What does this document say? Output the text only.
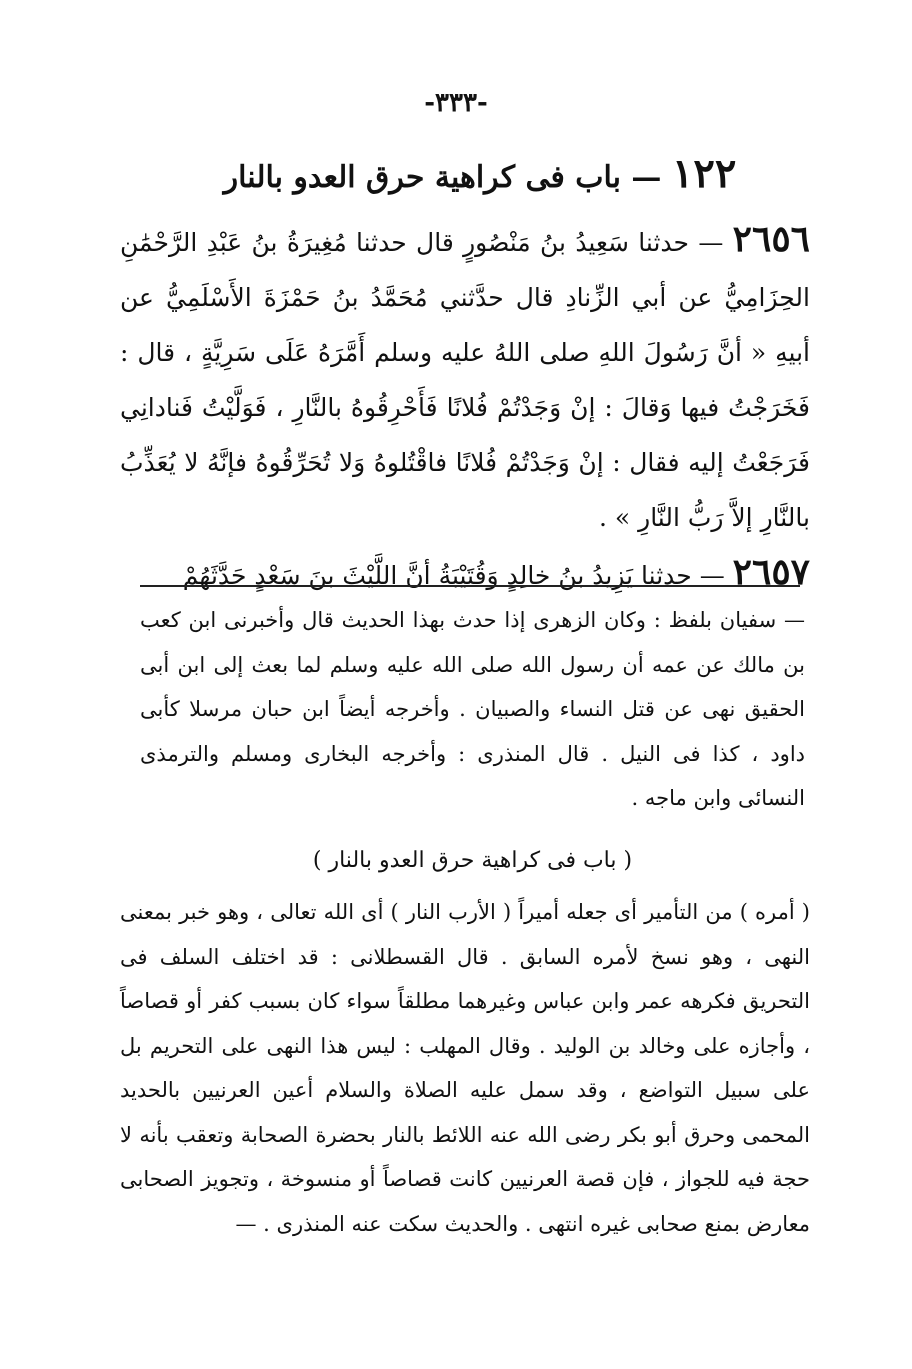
-٣٣٣-
١٢٢ — باب فى كراهية حرق العدو بالنار

٢٦٥٦ — حدثنا سَعِيدُ بنُ مَنْصُورٍ قال حدثنا مُغِيرَةُ بنُ عَبْدِ الرَّحْمَٰنِ الحِزَامِيُّ عن أبي الزِّنادِ قال حدَّثني مُحَمَّدُ بنُ حَمْزَةَ الأَسْلَمِيُّ عن أبيهِ « أنَّ رَسُولَ اللهِ صلى اللهُ عليه وسلم أَمَّرَهُ عَلَى سَرِيَّةٍ ، قال : فَخَرَجْتُ فيها وَقالَ : إنْ وَجَدْتُمْ فُلانًا فَأَحْرِقُوهُ بالنَّارِ ، فَوَلَّيْتُ فَنادانِي فَرَجَعْتُ إليه فقال : إنْ وَجَدْتُمْ فُلانًا فاقْتُلوهُ وَلا تُحَرِّقُوهُ فإنَّهُ لا يُعَذِّبُ بالنَّارِ إلاَّ رَبُّ النَّارِ » .

٢٦٥٧ — حدثنا يَزِيدُ بنُ خالِدٍ وَقُتَيْبَةُ أنَّ اللَّيْثَ بنَ سَعْدٍ حَدَّثَهُمْ

— سفيان بلفظ : وكان الزهرى إذا حدث بهذا الحديث قال وأخبرنى ابن كعب بن مالك عن عمه أن رسول الله صلى الله عليه وسلم لما بعث إلى ابن أبى الحقيق نهى عن قتل النساء والصبيان . وأخرجه أيضاً ابن حبان مرسلا كأبى داود ، كذا فى النيل . قال المنذرى : وأخرجه البخارى ومسلم والترمذى النسائى وابن ماجه .

( باب فى كراهية حرق العدو بالنار )

( أمره ) من التأمير أى جعله أميراً ( الأرب النار ) أى الله تعالى ، وهو خبر بمعنى النهى ، وهو نسخ لأمره السابق . قال القسطلانى : قد اختلف السلف فى التحريق فكرهه عمر وابن عباس وغيرهما مطلقاً سواء كان بسبب كفر أو قصاصاً ، وأجازه على وخالد بن الوليد . وقال المهلب : ليس هذا النهى على التحريم بل على سبيل التواضع ، وقد سمل عليه الصلاة والسلام أعين العرنيين بالحديد المحمى وحرق أبو بكر رضى الله عنه اللائط بالنار بحضرة الصحابة وتعقب بأنه لا حجة فيه للجواز ، فإن قصة العرنيين كانت قصاصاً أو منسوخة ، وتجويز الصحابى معارض بمنع صحابى غيره انتهى . والحديث سكت عنه المنذرى . —
